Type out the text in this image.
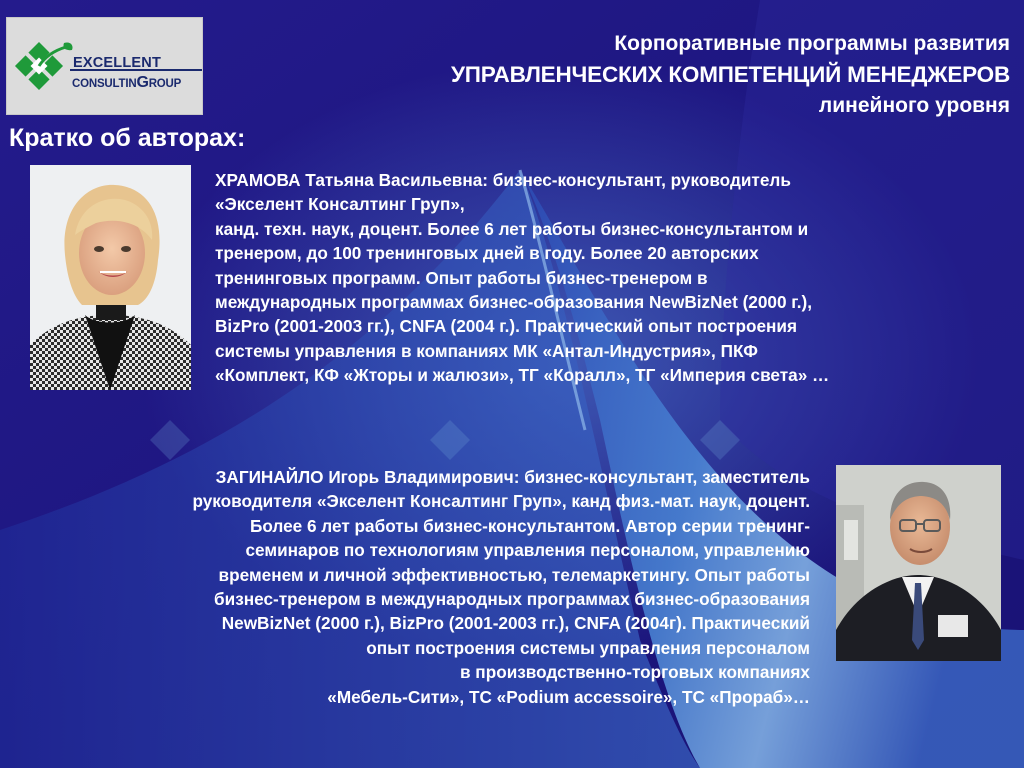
EXCELLENT
CONSULTINGROUP
Корпоративные программы развития
УПРАВЛЕНЧЕСКИХ КОМПЕТЕНЦИЙ МЕНЕДЖЕРОВ
линейного уровня
Кратко об авторах:
ХРАМОВА Татьяна Васильевна: бизнес-консультант, руководитель
«Экселент Консалтинг Груп»,
канд. техн. наук, доцент. Более 6 лет работы бизнес-консультантом и
тренером, до 100 тренинговых дней в году. Более 20 авторских
тренинговых программ. Опыт работы бизнес-тренером в
международных программах бизнес-образования NewBizNet (2000 г.),
BizPro (2001-2003 гг.), CNFA (2004 г.). Практический опыт построения
системы управления в компаниях МК «Антал-Индустрия», ПКФ
«Комплект, КФ «Жторы и жалюзи», ТГ «Коралл», ТГ «Империя света» …
ЗАГИНАЙЛО Игорь Владимирович: бизнес-консультант, заместитель
руководителя «Экселент Консалтинг Груп», канд физ.-мат. наук, доцент.
Более 6 лет работы бизнес-консультантом. Автор серии тренинг-
семинаров по технологиям управления персоналом, управлению
временем и личной эффективностью, телемаркетингу. Опыт работы
бизнес-тренером в международных программах бизнес-образования
NewBizNet (2000 г.), BizPro (2001-2003 гг.), CNFA (2004г). Практический
опыт построения системы управления персоналом
в производственно-торговых компаниях
«Мебель-Сити», ТС «Podium accessoire», ТС «Прораб»…
